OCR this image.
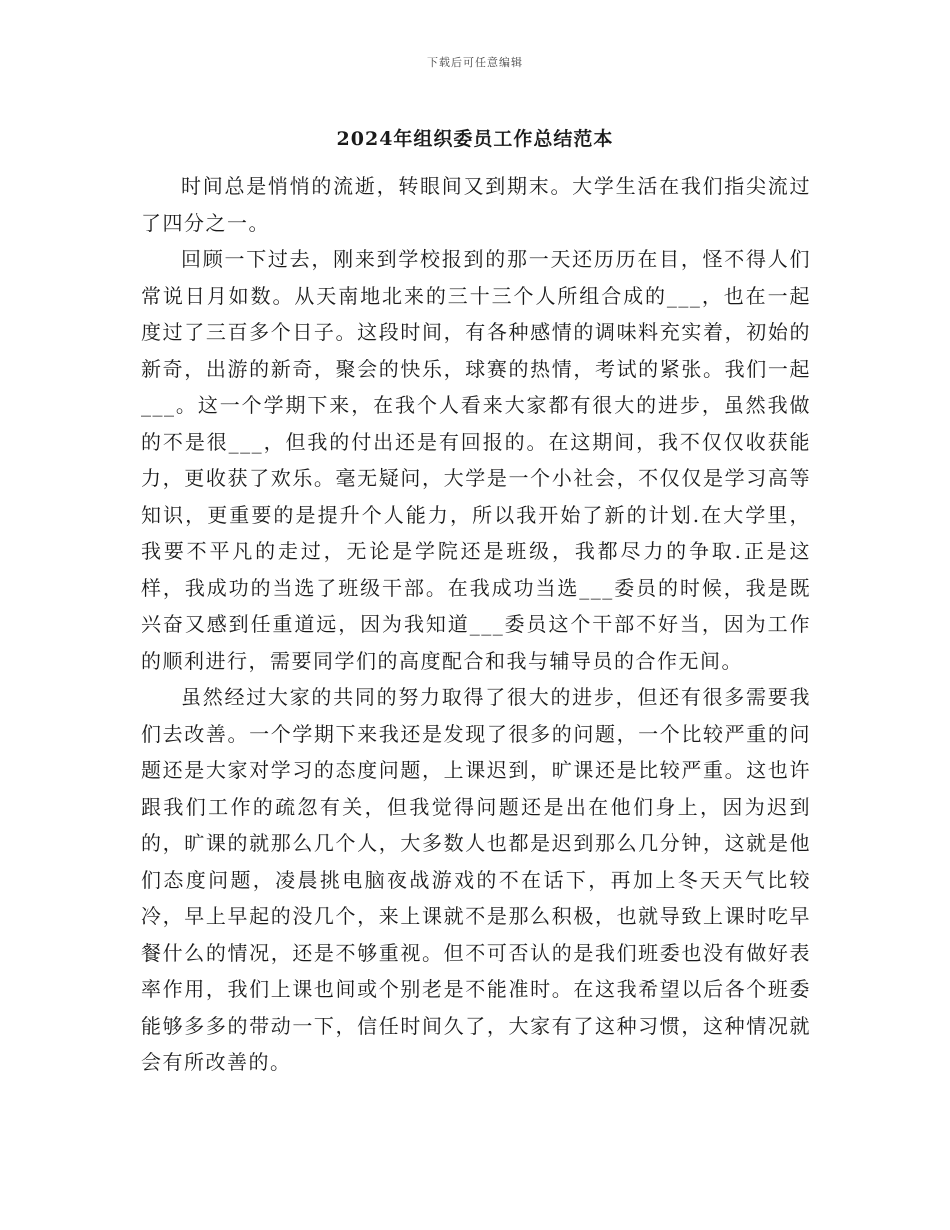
下载后可任意编辑
2024年组织委员工作总结范本

时间总是悄悄的流逝，转眼间又到期末。大学生活在我们指尖流过了四分之一。

回顾一下过去，刚来到学校报到的那一天还历历在目，怪不得人们常说日月如数。从天南地北来的三十三个人所组合成的___，也在一起度过了三百多个日子。这段时间，有各种感情的调味料充实着，初始的新奇，出游的新奇，聚会的快乐，球赛的热情，考试的紧张。我们一起___。这一个学期下来，在我个人看来大家都有很大的进步，虽然我做的不是很___，但我的付出还是有回报的。在这期间，我不仅仅收获能力，更收获了欢乐。毫无疑问，大学是一个小社会，不仅仅是学习高等知识，更重要的是提升个人能力，所以我开始了新的计划.在大学里，我要不平凡的走过，无论是学院还是班级，我都尽力的争取.正是这样，我成功的当选了班级干部。在我成功当选___委员的时候，我是既兴奋又感到任重道远，因为我知道___委员这个干部不好当，因为工作的顺利进行，需要同学们的高度配合和我与辅导员的合作无间。

虽然经过大家的共同的努力取得了很大的进步，但还有很多需要我们去改善。一个学期下来我还是发现了很多的问题，一个比较严重的问题还是大家对学习的态度问题，上课迟到，旷课还是比较严重。这也许跟我们工作的疏忽有关，但我觉得问题还是出在他们身上，因为迟到的，旷课的就那么几个人，大多数人也都是迟到那么几分钟，这就是他们态度问题，凌晨挑电脑夜战游戏的不在话下，再加上冬天天气比较冷，早上早起的没几个，来上课就不是那么积极，也就导致上课时吃早餐什么的情况，还是不够重视。但不可否认的是我们班委也没有做好表率作用，我们上课也间或个别老是不能准时。在这我希望以后各个班委能够多多的带动一下，信任时间久了，大家有了这种习惯，这种情况就会有所改善的。
